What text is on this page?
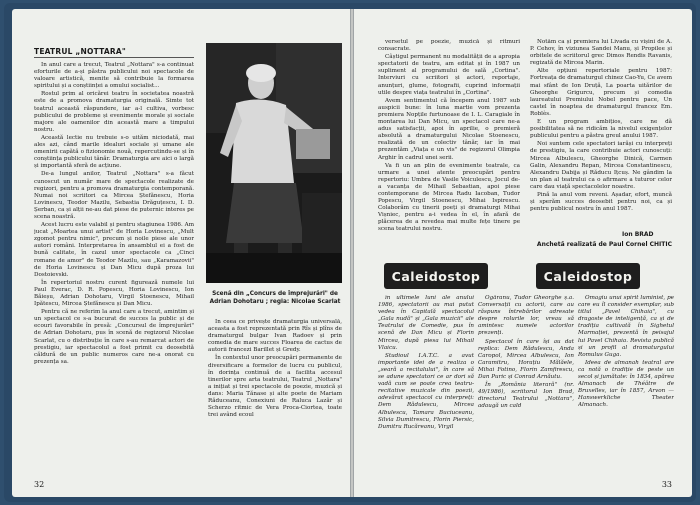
TEATRUL „NOTTARA"

În anul care a trecut, Teatrul „Nottara" s-a continuat eforturile de a-și păstra publicului noi spectacole de valoare artistică, menite să contribuie la formarea spiritului și a conștiinței a omului socialist...

Rostul prim al oricărei teatru în societatea noastră este de a promova dramaturgia originală. Simte tot teatrul această răspundere, iar a-l cultiva, vorbesc publicului de probleme și evenimente morale și sociale majore ale oamenilor din această mare a timpului nostru.

Această lectie nu trebuie s-o uităm niciodată, mai ales azi, când marile idealuri sociale și umane ale omenirii capătă o fizionomie nouă, repercutindu-se și în conștiința publicului tânăr. Dramaturgia are aici o largă și importantă sferă de acțiune.

De-a lungul anilor, Teatrul „Nottara" s-a făcut cunoscut un număr mare de spectacole realizate de regizori, pentru a promova dramaturgia contemporană. Numai noi scriitori ca Mircea Ștefănescu, Horia Lovinescu, Teodor Mazilu, Sebastia Drăguțescu, I. D. Șerban, ca și alții ne-au dat piese de puternic interes pe scena noastră.

Acest lucru este valabil și pentru stagiunea 1986. Am jucat „Moartea unui artist" de Horia Lovinescu, „Mult zgomot pentru nimic", precum și noile piese ale unor autori români. Interpretarea în ansamblul ei a fost de bună calitate, în cazul unor spectacole ca „Cinci romane de amor" de Teodor Mazilu, sau „Karamazovii" de Horia Lovinescu și Dan Micu după proza lui Dostoievski.

În repertoriul nostru curent figurează numele lui Paul Everac, D. R. Popescu, Horia Lovinescu, Ion Băieșu, Adrian Dohotaru, Virgil Stoenescu, Mihail Ipătescu, Mircea Ștefănescu și Dan Micu.

Pentru că ne referim la anul care a trecut, amintim și un spectacol ce s-a bucurat de succes la public și de ecouri favorabile în presă: „Concursul de împrejurări" de Adrian Dohotaru, pus în scenă de regizorul Nicolae Scarlat, cu o distribuție în care s-au remarcat actori de prestigiu, iar spectacolul a fost primit cu deosebită căldură de un public numeros care ne-a onorat cu prezența sa.

Scenă din „Concurs de împrejurări" de Adrian Dohotaru ; regia: Nicolae Scarlat

În ceea ce privește dramaturgia universală, aceasta a fost reprezentată prin Rîs și plîns de dramaturgul bulgar Ivan Radoev și prin comedia de mare succes Floarea de cactus de autorii francezi Barillet și Gredy.

În contextul unor preocupări permanente de diversificare a formelor de lucru cu publicul, în dorința continuă de a facilita accesul tinerilor spre arta teatrului, Teatrul „Nottara" a inițiat și trei spectacole de poezie, muzică și dans: Maria Tănase și alte poete de Mariam Răduceanu, Conexiuni de Raluca Lazăr și Scherzo ritmic de Vera Proca-Ciortea, toate trei având ecoul

32

versetul pe poezie, muzică și ritmuri consacrate.

Câștigul permanent nu modalității de a apropia spectatorii de teatru, am editat și în 1987 un supliment al programului de sală „Cortina". Interviuri cu scriitori și actori, reportaje, anunțuri, glume, fotografii, cuprind informații utile despre viața teatrului în „Cortina".

Avem sentimentul că începem anul 1987 sub auspicii bune: în luna martie vom prezenta premiera Nopțile furtunoase de I. L. Caragiale în montarea lui Dan Micu, un spectacol care ne-a adus satisfacții, apoi în aprilie, o premieră absolută a dramaturgului Nicolae Stoenescu, realizată de un colectiv tânăr, iar în mai prezentăm „Viața e un vis" de regizorul Olimpia Arghir în cadrul unei serii.

Va fi un an plin de evenimente teatrale, ca urmare a unei atente preocupări pentru repertoriu: Umbra de Vasile Voiculescu, Jocul de-a vacanța de Mihail Sebastian, apoi piese contemporane de Mircea Radu Iacoban, Tudor Popescu, Virgil Stoenescu, Mihai Ispirescu. Colaborăm cu tinerii poeți și dramaturgi Mihai Vișniec, pentru a-i vedea în el, în afară de plăcerea de a revedea mai multe fețe tinere pe scena teatrului nostru.

Notăm ca și premiera lui Livada cu vișini de A. P. Cehov, în viziunea Sandei Manu, și Propilee și orbitele de scriitorul grec Dimos Rendis Ravanis, regizată de Mircea Marin.

Alte opțiuni repertoriale pentru 1987: Fortreața de dramaturgul chinez Cao-Yu, Ce avem mai sfânt de Ion Druță, La poarta uitărilor de Gheorghe Grigurcu, precum și comedia laureatului Premiului Nobel pentru pace, Un castel în noaptea de dramaturgul francez Em. Roblès.

E un program ambițios, care ne dă posibilitatea să ne ridicăm la nivelul exigențelor publicului pentru a păstra greul anului 1987.

Noi suntem cele spectatori iarăși cu interpreți de prestigiu, la care contribuie actori cunoscuți: Mircea Albulescu, Gheorghe Dinică, Carmen Galin, Alexandru Repan, Mircea Constantinescu, Alexandru Dabija și Răducu Ițcuș. Ne gândim la un plan al teatrului ca o afirmare a tuturor celor care dau viață spectacolelor noastre.

Pină la anul vom reveni. Așadar, efort, muncă și sperăm succes deosebit pentru noi, ca și pentru publicul nostru în anul 1987.

Ion BRAD
Anchetă realizată de Paul Cornel CHITIC
Caleidostop	Caleidostop

în ultimele luni ale anului 1986, spectatorii au mai putut vedea în Capitală spectacolul „Gala nudă" și „Gala muzicii" ale Teatrului de Comedie, pus în scenă de Dan Micu și Florin Mircea, după piesa lui Mihail Vlaicu.

Studioul I.A.T.C. a avut importante idei de a realiza o „seară a recitalului", în care să se adune spectatori ce ar dori să vadă cum se poate crea teatru-recitative muzicale din poezii, adevărat spectacol cu interpreți: Dem Rădulescu, Mircea Albulescu, Tamara Buciuceanu, Silvia Dumitrescu, Florin Piersic, Dumitru Rucăreanu, Virgil

Ogăranu, Tudor Gheorghe ș.a. Conversații cu actorii, care au răspuns întrebărilor adresate despre rolurile lor, vreau să amintesc numele actorilor prezenți.

Spectacol în care își au dat replica: Dem Rădulescu, Anda Caropol, Mircea Albulescu, Ion Caramitru, Horațiu Mălăele, Mihai Fotino, Florin Zamfirescu, Dan Puric și Conrad Arnăutu.

În „România literară" (nr. 49/1986), scriitorul Ion Brad, directorul Teatrului „Nottara", adaugă un cald

Omagiu unui spirit luminist, pe care eu îl consider exemplar, sub titlul „Pavel Chihaia", cu dragoste de inteligență, ca și de tradiția cultivată în Sighetul Marmației, prezentă în peisajul lui Pavel Chihaia. Revista publică și un profil al dramaturgului Romulus Guga.

Ideea de almanah teatral are ca notă o tradiție de peste un secol și jumătate: în 1834, apărea Almanach de Théâtre de Bruxelles, iar în 1857, Arvon — Hanswerkliche Theater Almanach.

33
